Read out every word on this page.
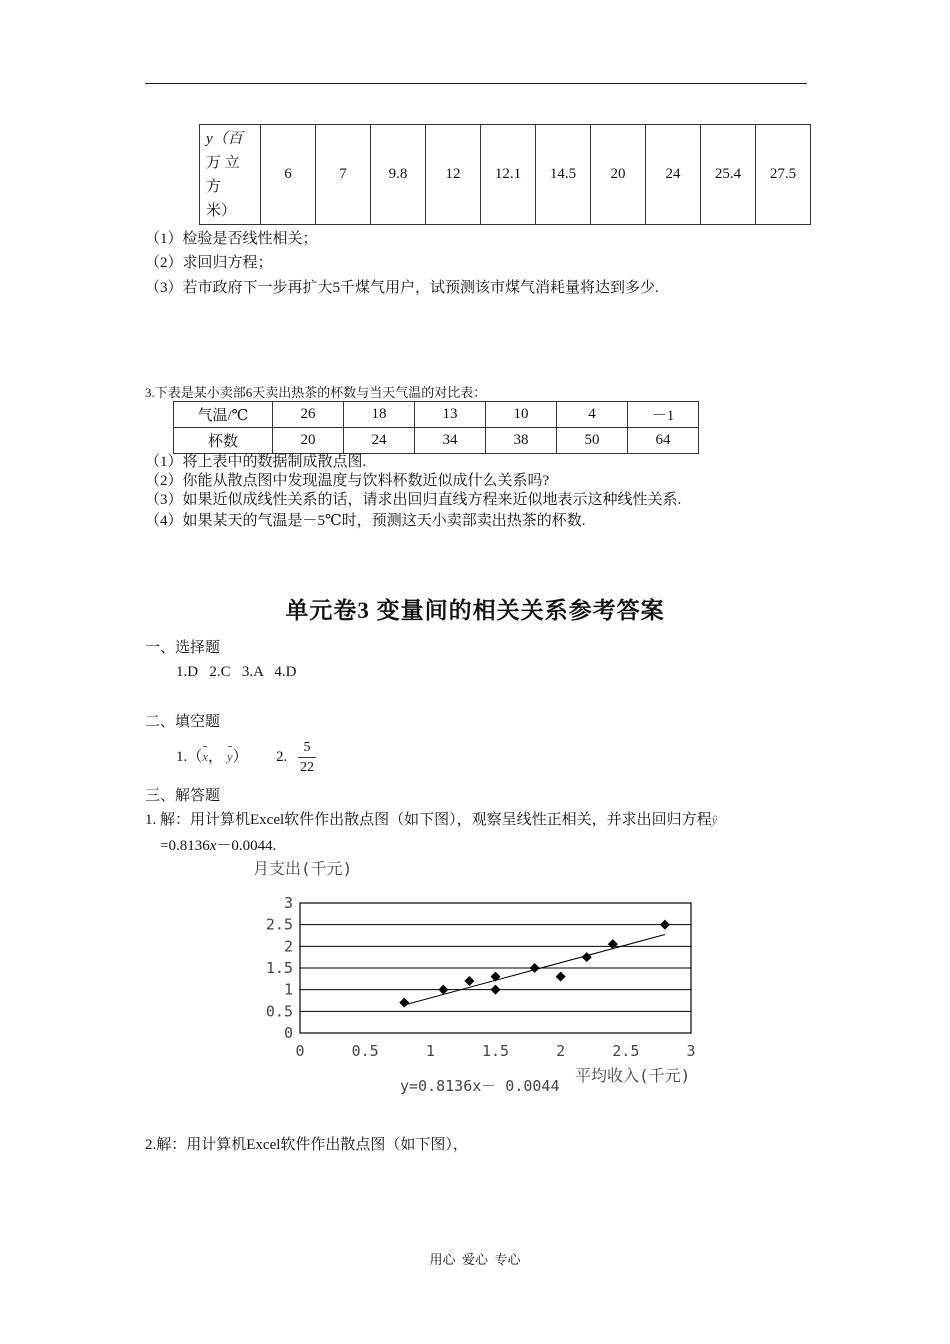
y（百
万 立
方
米）	6	7	9.8	12	12.1	14.5	20	24	25.4	27.5
（1）检验是否线性相关；
（2）求回归方程；
（3）若市政府下一步再扩大5千煤气用户，试预测该市煤气消耗量将达到多少.
3.下表是某小卖部6天卖出热茶的杯数与当天气温的对比表：
气温/℃	26	18	13	10	4	－1
杯数	20	24	34	38	50	64
（1）将上表中的数据制成散点图.
（2）你能从散点图中发现温度与饮料杯数近似成什么关系吗?
（3）如果近似成线性关系的话，请求出回归直线方程来近似地表示这种线性关系.
（4）如果某天的气温是－5℃时，预测这天小卖部卖出热茶的杯数.
单元卷3 变量间的相关关系参考答案
一、选择题
1.D   2.C   3.A   4.D
二、填空题
1.（x， y） 2. $\frac{5}{22}$
三、解答题
1. 解：用计算机Excel软件作出散点图（如下图），观察呈线性正相关，并求出回归方程ŷ
=0.8136x－0.0044.
月支出(千元)
0
0.5
1
1.5
2
2.5
3
0	0.5	1	1.5	2	2.5	3
y=0.8136x－ 0.0044
平均收入(千元)
2.解：用计算机Excel软件作出散点图（如下图），
用心  爱心  专心
